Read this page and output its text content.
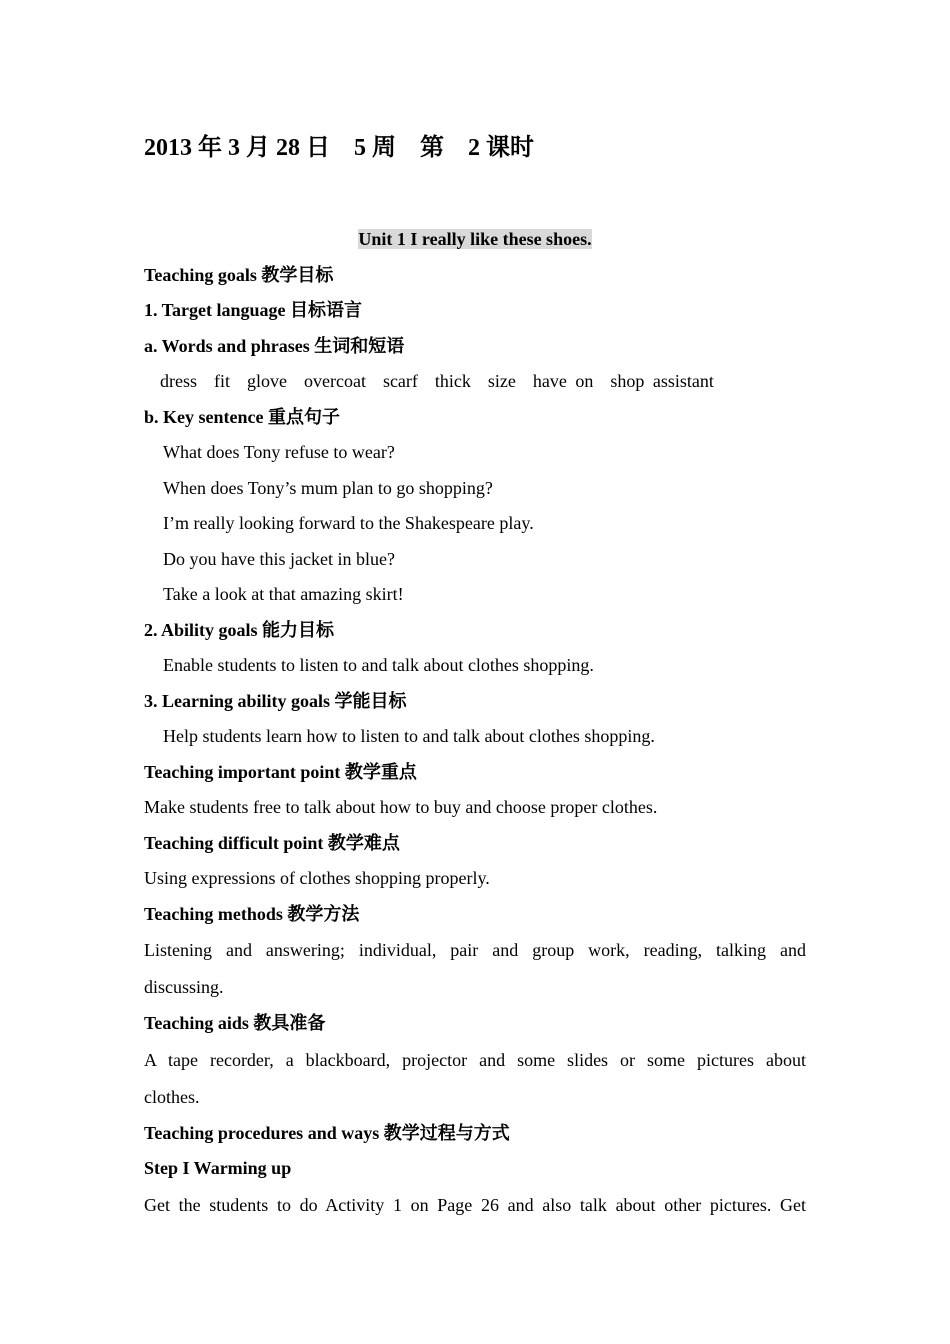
2013 年 3 月 28 日　5 周　第　2 课时
Unit 1 I really like these shoes.
Teaching goals 教学目标
1. Target language 目标语言
a. Words and phrases 生词和短语
dress  fit  glove  overcoat  scarf  thick  size  have on  shop assistant
b. Key sentence 重点句子
What does Tony refuse to wear?
When does Tony’s mum plan to go shopping?
I’m really looking forward to the Shakespeare play.
Do you have this jacket in blue?
Take a look at that amazing skirt!
2. Ability goals 能力目标
Enable students to listen to and talk about clothes shopping.
3. Learning ability goals 学能目标
Help students learn how to listen to and talk about clothes shopping.
Teaching important point 教学重点
Make students free to talk about how to buy and choose proper clothes.
Teaching difficult point 教学难点
Using expressions of clothes shopping properly.
Teaching methods 教学方法
Listening and answering; individual, pair and group work, reading, talking and
discussing.
Teaching aids 教具准备
A tape recorder, a blackboard, projector and some slides or some pictures about
clothes.
Teaching procedures and ways 教学过程与方式
Step I Warming up
Get the students to do Activity 1 on Page 26 and also talk about other pictures. Get
